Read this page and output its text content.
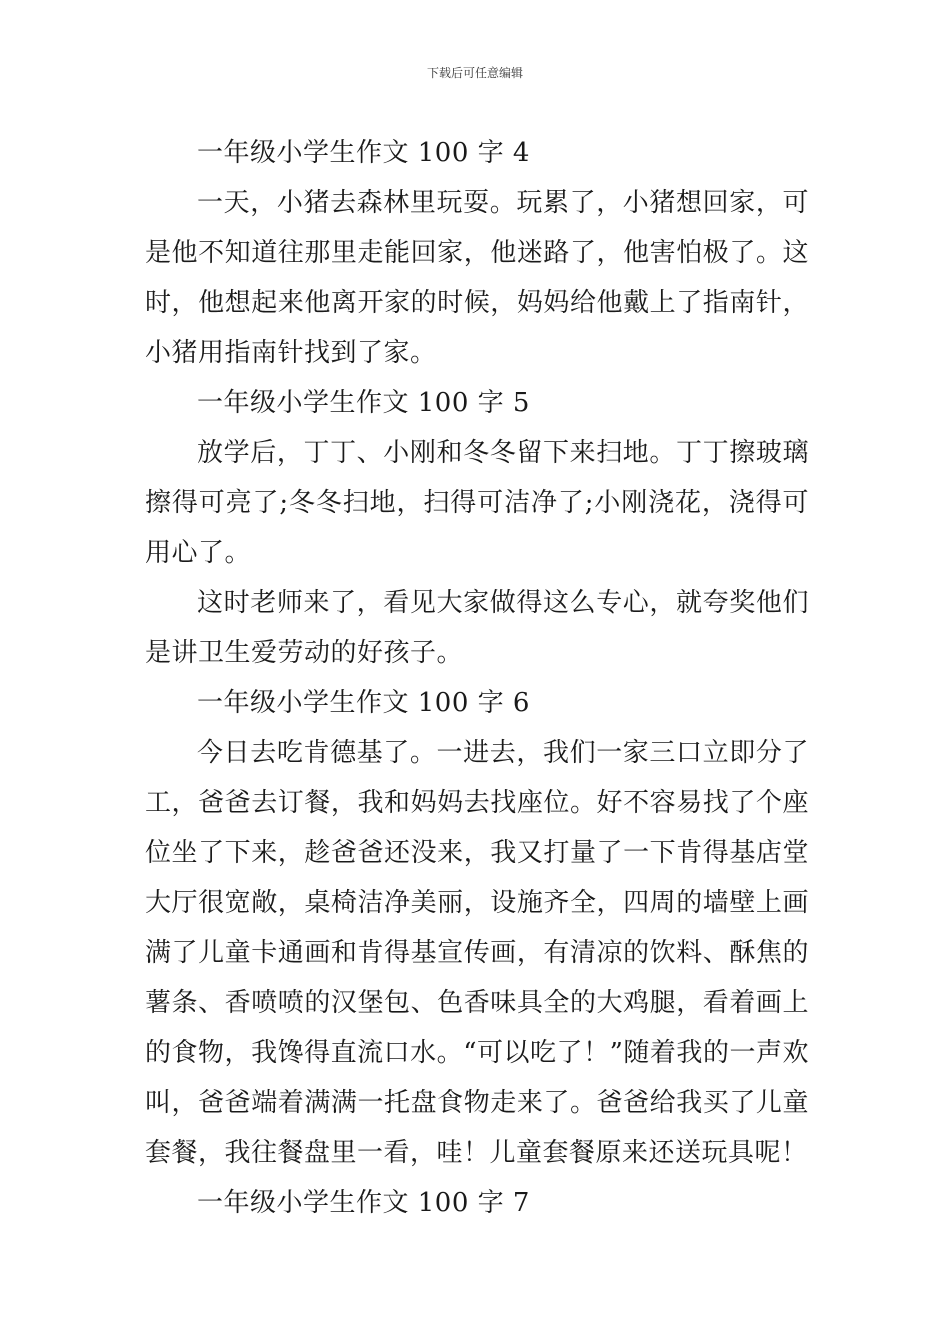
下载后可任意编辑

一年级小学生作文 100 字 4

一天，小猪去森林里玩耍。玩累了，小猪想回家，可是他不知道往那里走能回家，他迷路了，他害怕极了。这时，他想起来他离开家的时候，妈妈给他戴上了指南针，小猪用指南针找到了家。

一年级小学生作文 100 字 5

放学后，丁丁、小刚和冬冬留下来扫地。丁丁擦玻璃擦得可亮了;冬冬扫地，扫得可洁净了;小刚浇花，浇得可用心了。

这时老师来了，看见大家做得这么专心，就夸奖他们是讲卫生爱劳动的好孩子。

一年级小学生作文 100 字 6

今日去吃肯德基了。一进去，我们一家三口立即分了工，爸爸去订餐，我和妈妈去找座位。好不容易找了个座位坐了下来，趁爸爸还没来，我又打量了一下肯得基店堂大厅很宽敞，桌椅洁净美丽，设施齐全，四周的墙壁上画满了儿童卡通画和肯得基宣传画，有清凉的饮料、酥焦的薯条、香喷喷的汉堡包、色香味具全的大鸡腿，看着画上的食物，我馋得直流口水。“可以吃了！”随着我的一声欢叫，爸爸端着满满一托盘食物走来了。爸爸给我买了儿童套餐，我往餐盘里一看，哇！儿童套餐原来还送玩具呢！

一年级小学生作文 100 字 7
